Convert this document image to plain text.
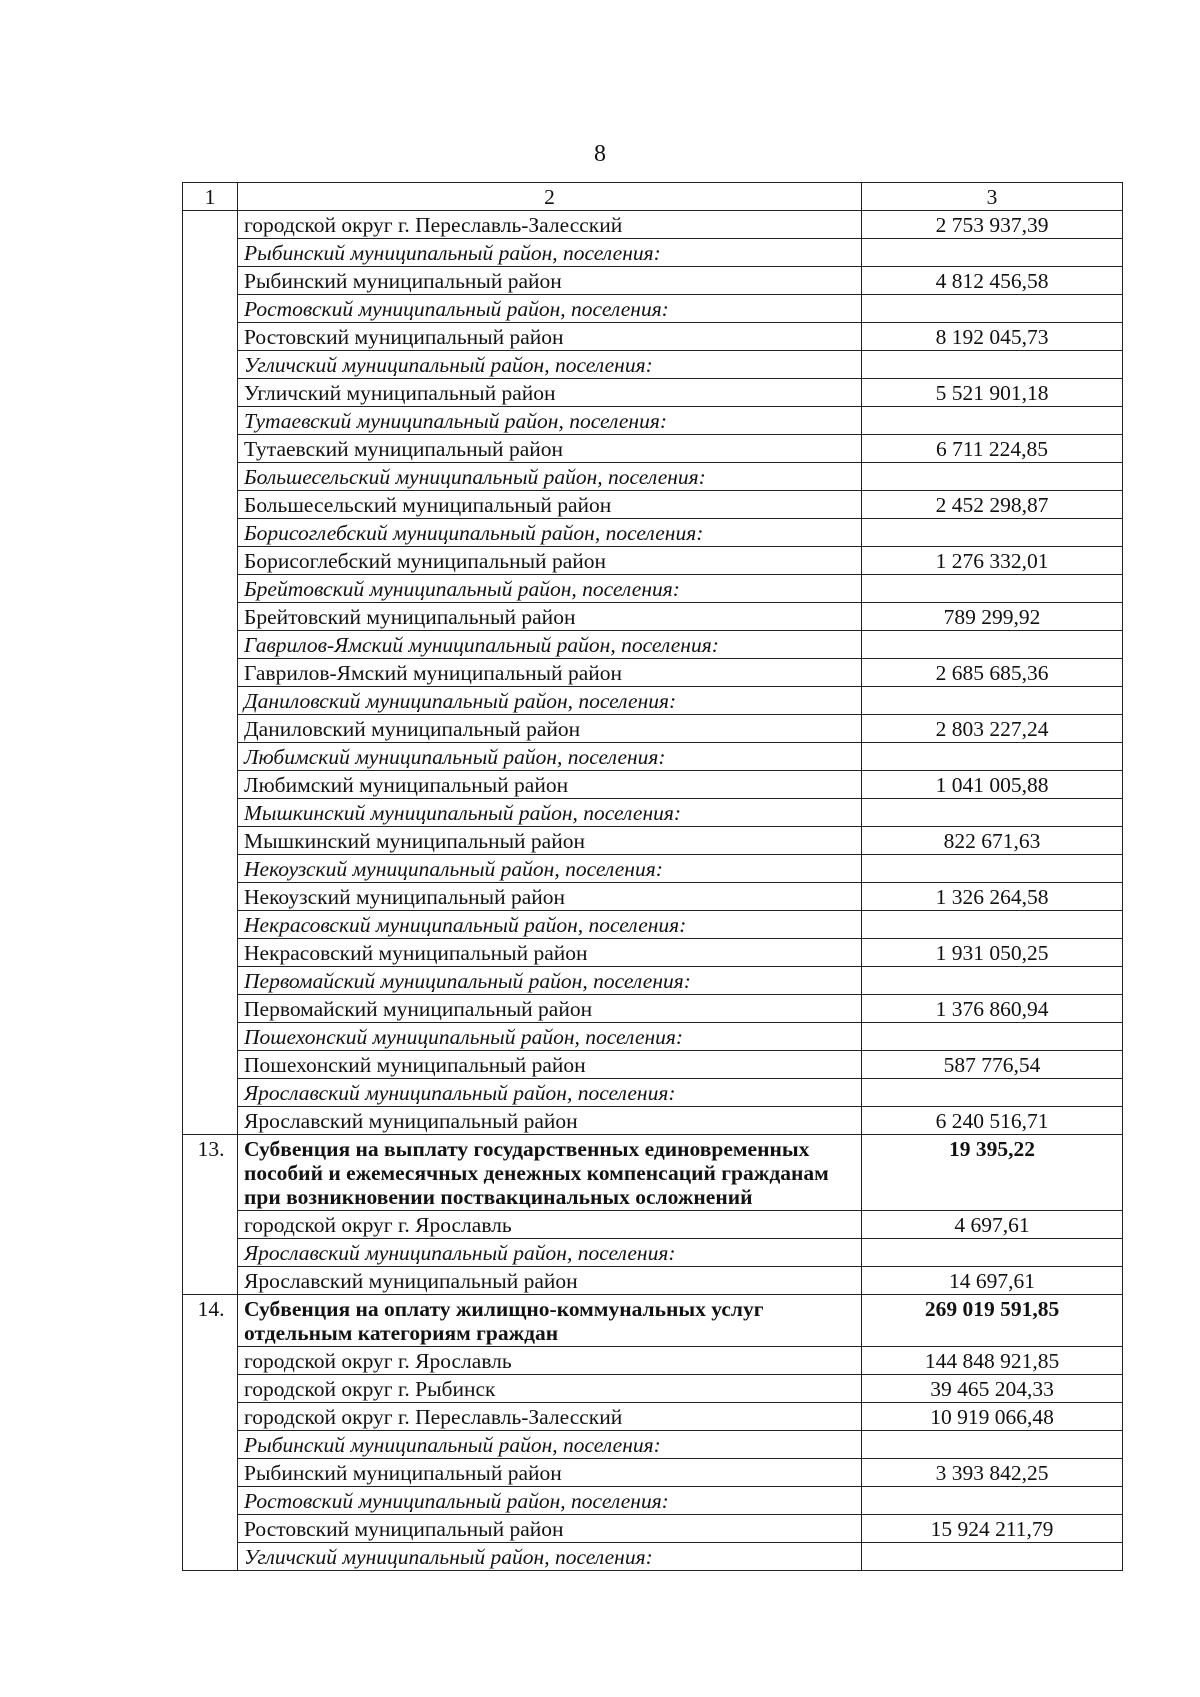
8
1	2	3
	городской округ г. Переславль-Залесский	2 753 937,39
	Рыбинский муниципальный район, поселения:	
	Рыбинский муниципальный район	4 812 456,58
	Ростовский муниципальный район, поселения:	
	Ростовский муниципальный район	8 192 045,73
	Угличский муниципальный район, поселения:	
	Угличский муниципальный район	5 521 901,18
	Тутаевский муниципальный район, поселения:	
	Тутаевский муниципальный район	6 711 224,85
	Большесельский муниципальный район, поселения:	
	Большесельский муниципальный район	2 452 298,87
	Борисоглебский муниципальный район, поселения:	
	Борисоглебский муниципальный район	1 276 332,01
	Брейтовский муниципальный район, поселения:	
	Брейтовский муниципальный район	789 299,92
	Гаврилов-Ямский муниципальный район, поселения:	
	Гаврилов-Ямский муниципальный район	2 685 685,36
	Даниловский муниципальный район, поселения:	
	Даниловский муниципальный район	2 803 227,24
	Любимский муниципальный район, поселения:	
	Любимский муниципальный район	1 041 005,88
	Мышкинский муниципальный район, поселения:	
	Мышкинский муниципальный район	822 671,63
	Некоузский муниципальный район, поселения:	
	Некоузский муниципальный район	1 326 264,58
	Некрасовский муниципальный район, поселения:	
	Некрасовский муниципальный район	1 931 050,25
	Первомайский муниципальный район, поселения:	
	Первомайский муниципальный район	1 376 860,94
	Пошехонский муниципальный район, поселения:	
	Пошехонский муниципальный район	587 776,54
	Ярославский муниципальный район, поселения:	
	Ярославский муниципальный район	6 240 516,71
13.	Субвенция на выплату государственных единовременных пособий и ежемесячных денежных компенсаций гражданам при возникновении поствакцинальных осложнений	19 395,22
	городской округ г. Ярославль	4 697,61
	Ярославский муниципальный район, поселения:	
	Ярославский муниципальный район	14 697,61
14.	Субвенция на оплату жилищно-коммунальных услуг отдельным категориям граждан	269 019 591,85
	городской округ г. Ярославль	144 848 921,85
	городской округ г. Рыбинск	39 465 204,33
	городской округ г. Переславль-Залесский	10 919 066,48
	Рыбинский муниципальный район, поселения:	
	Рыбинский муниципальный район	3 393 842,25
	Ростовский муниципальный район, поселения:	
	Ростовский муниципальный район	15 924 211,79
	Угличский муниципальный район, поселения:	
